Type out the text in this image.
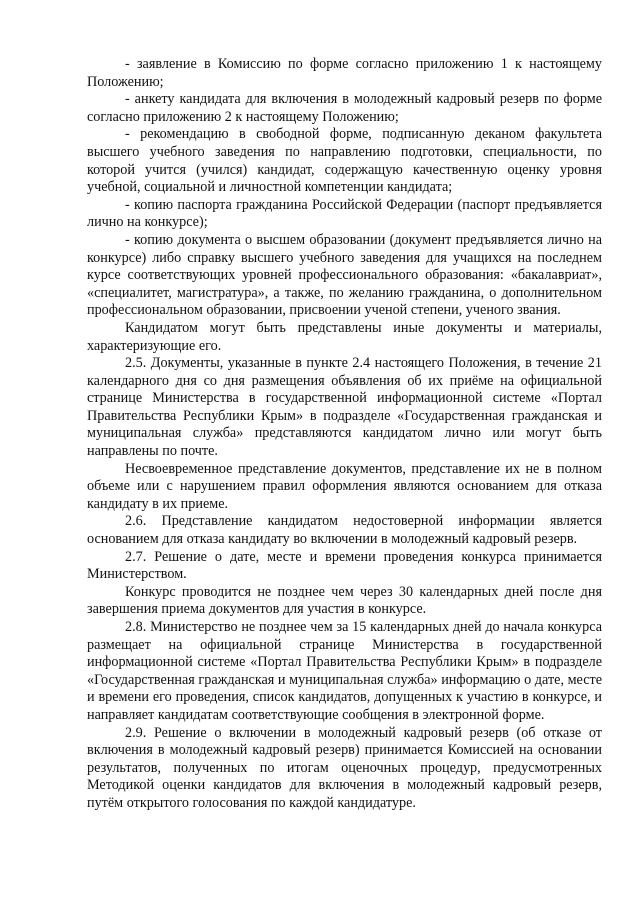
- заявление в Комиссию по форме согласно приложению 1 к настоящему Положению;

- анкету кандидата для включения в молодежный кадровый резерв по форме согласно приложению 2 к настоящему Положению;

- рекомендацию в свободной форме, подписанную деканом факультета высшего учебного заведения по направлению подготовки, специальности, по которой учится (учился) кандидат, содержащую качественную оценку уровня учебной, социальной и личностной компетенции кандидата;

- копию паспорта гражданина Российской Федерации (паспорт предъявляется лично на конкурсе);

- копию документа о высшем образовании (документ предъявляется лично на конкурсе) либо справку высшего учебного заведения для учащихся на последнем курсе соответствующих уровней профессионального образования: «бакалавриат», «специалитет, магистратура», а также, по желанию гражданина, о дополнительном профессиональном образовании, присвоении ученой степени, ученого звания.

Кандидатом могут быть представлены иные документы и материалы, характеризующие его.

2.5. Документы, указанные в пункте 2.4 настоящего Положения, в течение 21 календарного дня со дня размещения объявления об их приёме на официальной странице Министерства в государственной информационной системе «Портал Правительства Республики Крым» в подразделе «Государственная гражданская и муниципальная служба» представляются кандидатом лично или могут быть направлены по почте.

Несвоевременное представление документов, представление их не в полном объеме или с нарушением правил оформления являются основанием для отказа кандидату в их приеме.

2.6. Представление кандидатом недостоверной информации является основанием для отказа кандидату во включении в молодежный кадровый резерв.

2.7. Решение о дате, месте и времени проведения конкурса принимается Министерством.

Конкурс проводится не позднее чем через 30 календарных дней после дня завершения приема документов для участия в конкурсе.

2.8. Министерство не позднее чем за 15 календарных дней до начала конкурса размещает на официальной странице Министерства в государственной информационной системе «Портал Правительства Республики Крым» в подразделе «Государственная гражданская и муниципальная служба» информацию о дате, месте и времени его проведения, список кандидатов, допущенных к участию в конкурсе, и направляет кандидатам соответствующие сообщения в электронной форме.

2.9. Решение о включении в молодежный кадровый резерв (об отказе от включения в молодежный кадровый резерв) принимается Комиссией на основании результатов, полученных по итогам оценочных процедур, предусмотренных Методикой оценки кандидатов для включения в молодежный кадровый резерв, путём открытого голосования по каждой кандидатуре.
